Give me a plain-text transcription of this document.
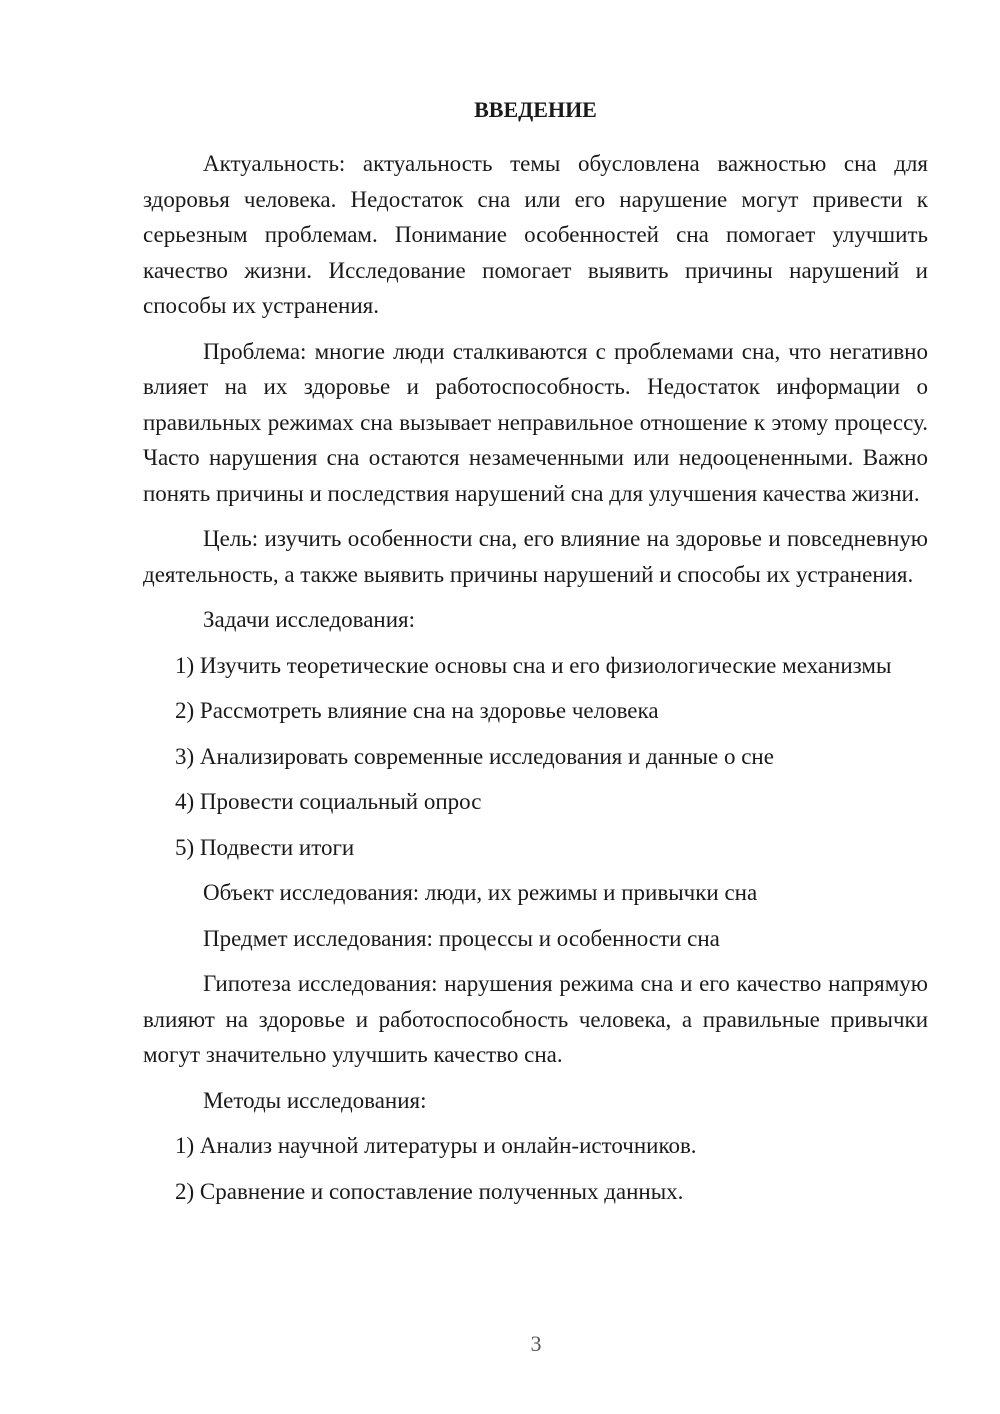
ВВЕДЕНИЕ

Актуальность: актуальность темы обусловлена важностью сна для здоровья человека. Недостаток сна или его нарушение могут привести к серьезным проблемам. Понимание особенностей сна помогает улучшить качество жизни. Исследование помогает выявить причины нарушений и способы их устранения.

Проблема: многие люди сталкиваются с проблемами сна, что негативно влияет на их здоровье и работоспособность. Недостаток информации о правильных режимах сна вызывает неправильное отношение к этому процессу. Часто нарушения сна остаются незамеченными или недооцененными. Важно понять причины и последствия нарушений сна для улучшения качества жизни.

Цель: изучить особенности сна, его влияние на здоровье и повседневную деятельность, а также выявить причины нарушений и способы их устранения.

Задачи исследования:

1) Изучить теоретические основы сна и его физиологические механизмы

2) Рассмотреть влияние сна на здоровье человека

3) Анализировать современные исследования и данные о сне

4) Провести социальный опрос

5) Подвести итоги

Объект исследования: люди, их режимы и привычки сна

Предмет исследования: процессы и особенности сна

Гипотеза исследования: нарушения режима сна и его качество напрямую влияют на здоровье и работоспособность человека, а правильные привычки могут значительно улучшить качество сна.

Методы исследования:

1) Анализ научной литературы и онлайн-источников.

2) Сравнение и сопоставление полученных данных.

3
